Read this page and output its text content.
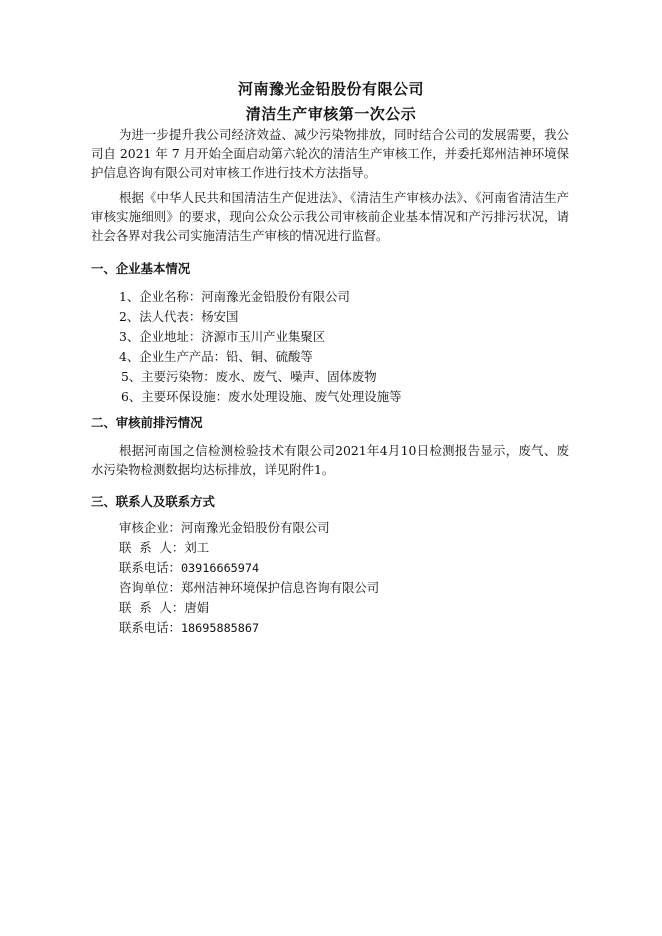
河南豫光金铅股份有限公司
清洁生产审核第一次公示

为进一步提升我公司经济效益、减少污染物排放，同时结合公司的发展需要，我公司自 2021 年 7 月开始全面启动第六轮次的清洁生产审核工作，并委托郑州洁神环境保护信息咨询有限公司对审核工作进行技术方法指导。

根据《中华人民共和国清洁生产促进法》、《清洁生产审核办法》、《河南省清洁生产审核实施细则》的要求，现向公众公示我公司审核前企业基本情况和产污排污状况，请社会各界对我公司实施清洁生产审核的情况进行监督。

一、企业基本情况
1、企业名称：河南豫光金铅股份有限公司
2、法人代表：杨安国
3、企业地址：济源市玉川产业集聚区
4、企业生产产品：铅、铜、硫酸等
5、主要污染物：废水、废气、噪声、固体废物
6、主要环保设施：废水处理设施、废气处理设施等
二、审核前排污情况

根据河南国之信检测检验技术有限公司2021年4月10日检测报告显示，废气、废水污染物检测数据均达标排放，详见附件1。

三、联系人及联系方式
审核企业：河南豫光金铅股份有限公司
联  系  人：刘工
联系电话：03916665974
咨询单位：郑州洁神环境保护信息咨询有限公司
联  系  人：唐娟
联系电话：18695885867
